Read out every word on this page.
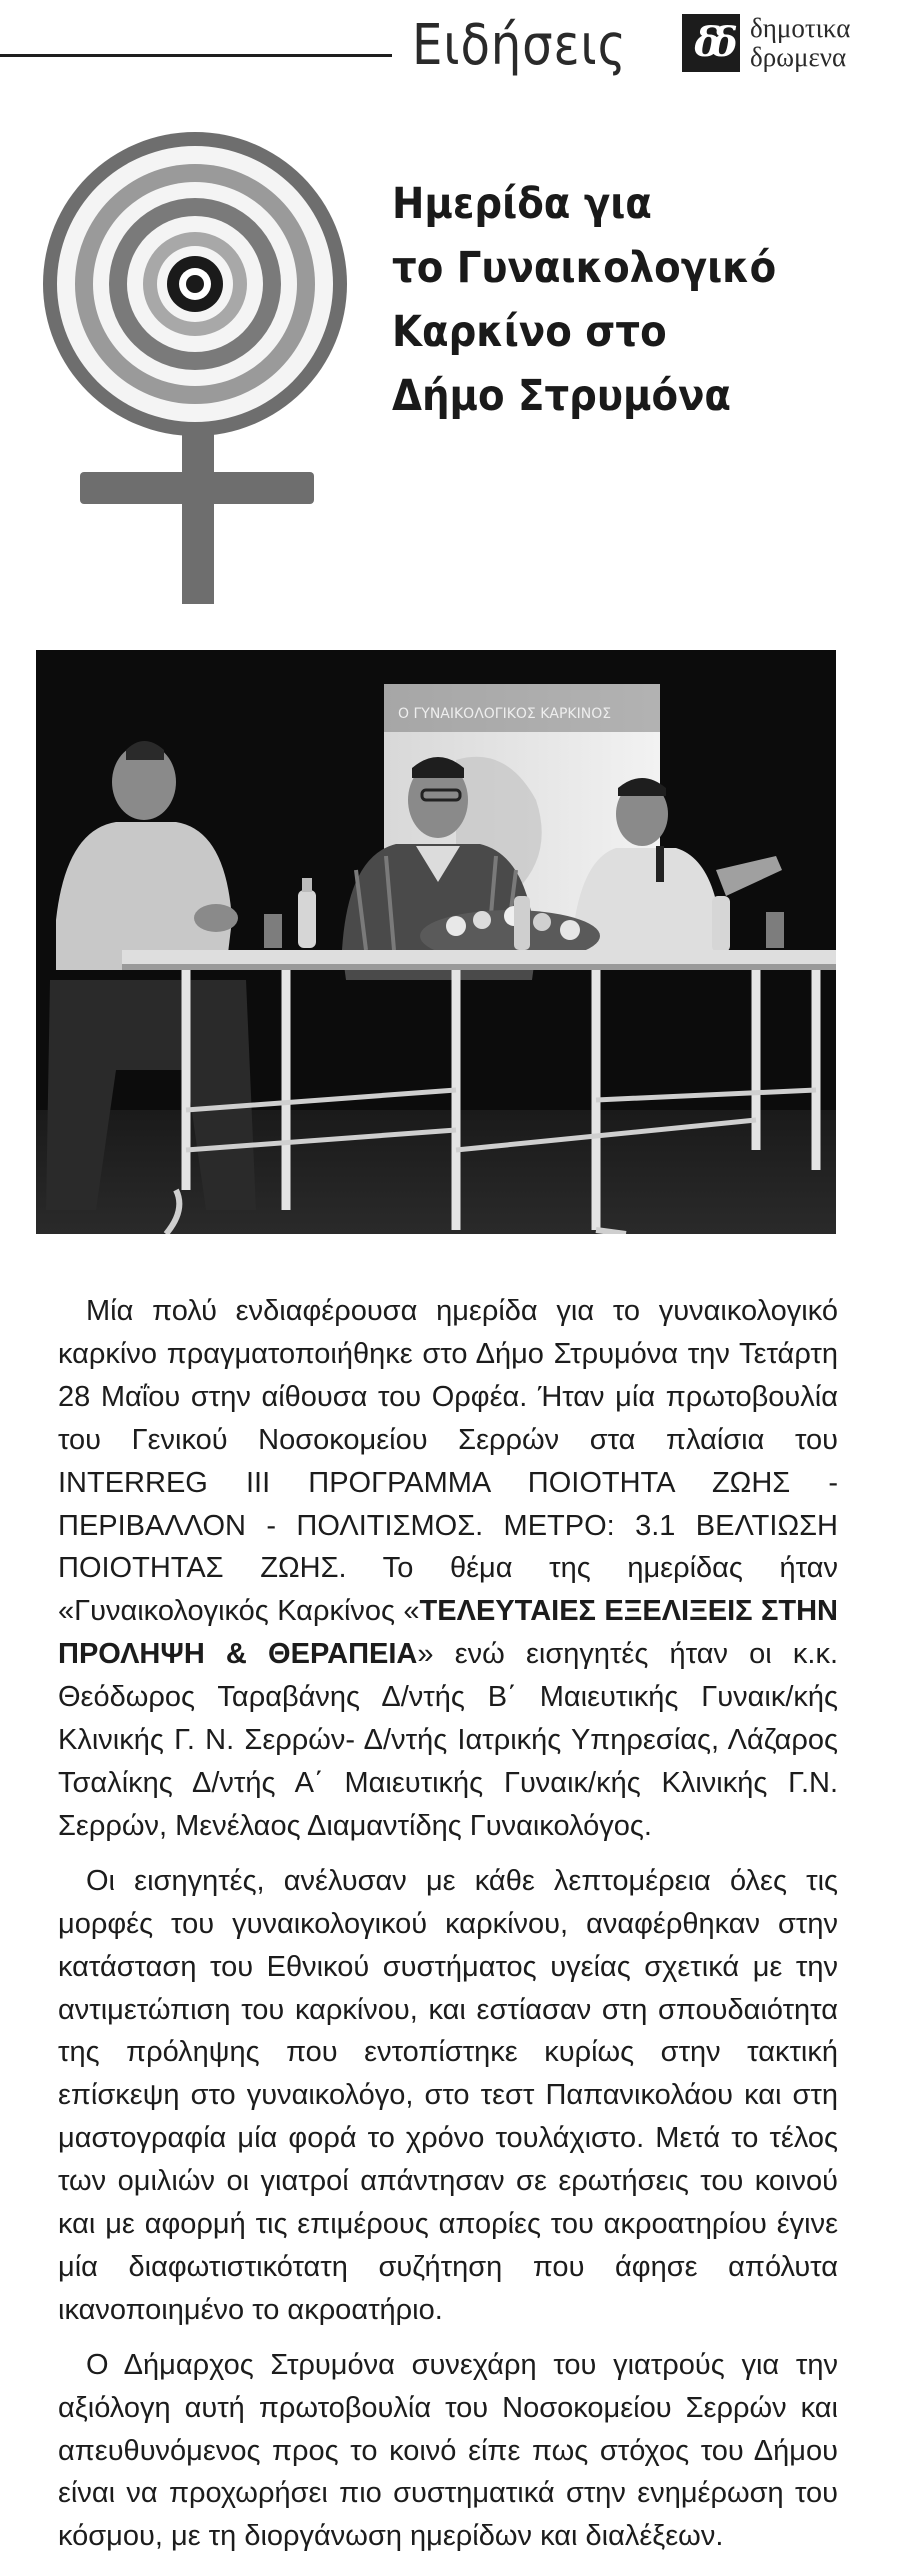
Ειδήσεις δδ δημοτικα
δρωμενα
Ημερίδα για
το Γυναικολογικό
Καρκίνο στο
Δήμο Στρυμόνα
Ο ΓΥΝΑΙΚΟΛΟΓΙΚΟΣ ΚΑΡΚΙΝΟΣ

Μία πολύ ενδιαφέρουσα ημερίδα για το γυναικολογικό καρκίνο πραγματοποιήθηκε στο Δήμο Στρυμόνα την Τετάρτη 28 Μαΐου στην αίθουσα του Ορφέα. Ήταν μία πρωτοβουλία του Γενικού Νοσοκομείου Σερρών στα πλαίσια του INTERREG III ΠΡΟΓΡΑΜΜΑ ΠΟΙΟΤΗΤΑ ΖΩΗΣ - ΠΕΡΙΒΑΛΛΟΝ - ΠΟΛΙΤΙΣΜΟΣ. ΜΕΤΡΟ: 3.1 ΒΕΛΤΙΩΣΗ ΠΟΙΟΤΗΤΑΣ ΖΩΗΣ. Το θέμα της ημερίδας ήταν «Γυναικολογικός Καρκίνος «ΤΕΛΕΥΤΑΙΕΣ ΕΞΕΛΙΞΕΙΣ ΣΤΗΝ ΠΡΟΛΗΨΗ & ΘΕΡΑΠΕΙΑ» ενώ εισηγητές ήταν οι κ.κ. Θεόδωρος Ταραβάνης Δ/ντής Β΄ Μαιευτικής Γυναικ/κής Κλινικής Γ. Ν. Σερρών- Δ/ντής Ιατρικής Υπηρεσίας, Λάζαρος Τσαλίκης Δ/ντής Α΄ Μαιευτικής Γυναικ/κής Κλινικής Γ.Ν. Σερρών, Μενέλαος Διαμαντίδης Γυναικολόγος.

Οι εισηγητές, ανέλυσαν με κάθε λεπτομέρεια όλες τις μορφές του γυναικολογικού καρκίνου, αναφέρθηκαν στην κατάσταση του Εθνικού συστήματος υγείας σχετικά με την αντιμετώπιση του καρκίνου, και εστίασαν στη σπουδαιότητα της πρόληψης που εντοπίστηκε κυρίως στην τακτική επίσκεψη στο γυναικολόγο, στο τεστ Παπανικολάου και στη μαστογραφία μία φορά το χρόνο τουλάχιστο. Μετά το τέλος των ομιλιών οι γιατροί απάντησαν σε ερωτήσεις του κοινού και με αφορμή τις επιμέρους απορίες του ακροατηρίου έγινε μία διαφωτιστικότατη συζήτηση που άφησε απόλυτα ικανοποιημένο το ακροατήριο.

Ο Δήμαρχος Στρυμόνα συνεχάρη του γιατρούς για την αξιόλογη αυτή πρωτοβουλία του Νοσοκομείου Σερρών και απευθυνόμενος προς το κοινό είπε πως στόχος του Δήμου είναι να προχωρήσει πιο συστηματικά στην ενημέρωση του κόσμου, με τη διοργάνωση ημερίδων και διαλέξεων.
